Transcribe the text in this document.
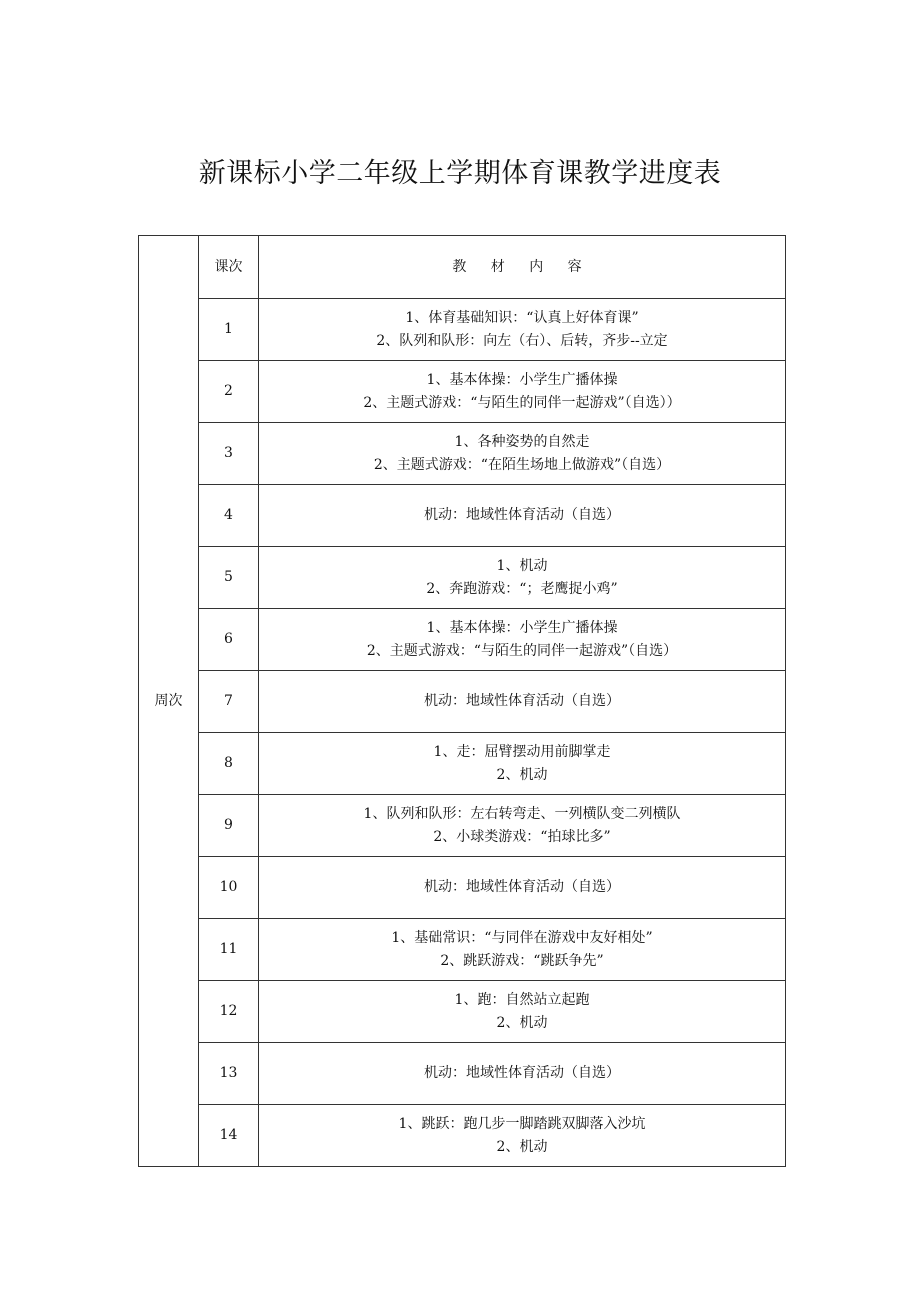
新课标小学二年级上学期体育课教学进度表
周次	课次	教 材 内 容
	1	1、体育基础知识：“认真上好体育课”
2、队列和队形：向左（右）、后转，齐步--立定

	2	1、基本体操：小学生广播体操
2、主题式游戏：“与陌生的同伴一起游戏”（自选））

	3	1、各种姿势的自然走
2、主题式游戏：“在陌生场地上做游戏”（自选）

	4	机动：地域性体育活动（自选）

	5	1、机动
2、奔跑游戏：“；老鹰捉小鸡”

	6	1、基本体操：小学生广播体操
2、主题式游戏：“与陌生的同伴一起游戏”（自选）

	7	机动：地域性体育活动（自选）

	8	1、走：屈臂摆动用前脚掌走
2、机动

	9	1、队列和队形：左右转弯走、一列横队变二列横队
2、小球类游戏：“拍球比多”

	10	机动：地域性体育活动（自选）

	11	1、基础常识：“与同伴在游戏中友好相处”
2、跳跃游戏：“跳跃争先”

	12	1、跑：自然站立起跑
2、机动

	13	机动：地域性体育活动（自选）

	14	1、跳跃：跑几步一脚踏跳双脚落入沙坑
2、机动
